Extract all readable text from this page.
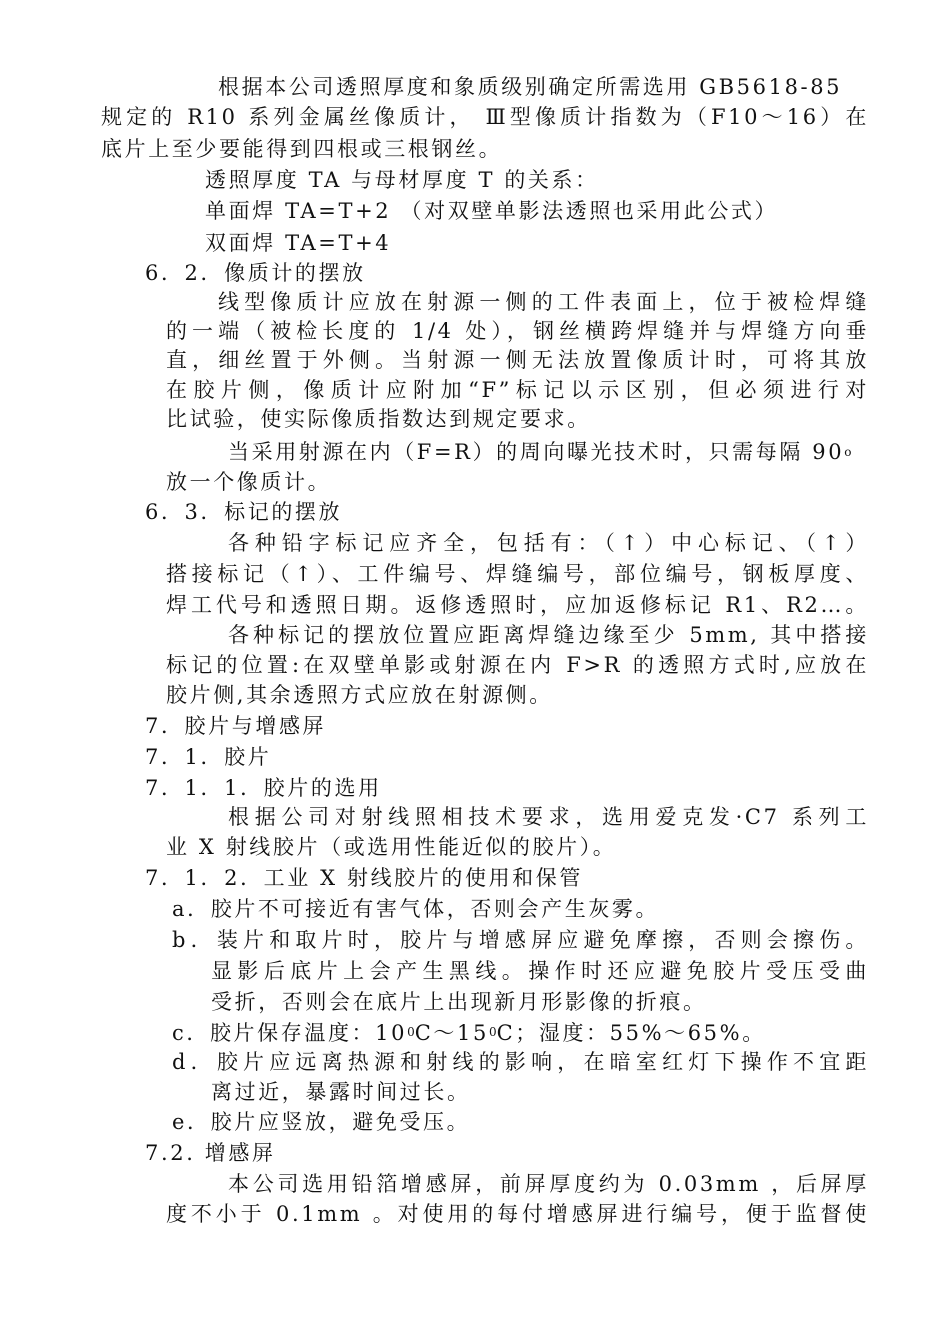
根据本公司透照厚度和象质级别确定所需选用 GB5618-85
规定的 R10 系列金属丝像质计， Ⅲ型像质计指数为（F10～16）在
底片上至少要能得到四根或三根钢丝。
透照厚度 TA 与母材厚度 T 的关系：
单面焊 TA=T+2 （对双壁单影法透照也采用此公式）
双面焊 TA=T+4
6．2．像质计的摆放
线型像质计应放在射源一侧的工件表面上，位于被检焊缝
的一端（被检长度的 1/4 处），钢丝横跨焊缝并与焊缝方向垂
直，细丝置于外侧。当射源一侧无法放置像质计时，可将其放
在胶片侧，像质计应附加“F”标记以示区别，但必须进行对
比试验，使实际像质指数达到规定要求。
当采用射源在内（F=R）的周向曝光技术时，只需每隔 90o
放一个像质计。
6．3．标记的摆放
各种铅字标记应齐全，包括有：（↑）中心标记、（↑）
搭接标记（↑）、工件编号、焊缝编号，部位编号，钢板厚度、
焊工代号和透照日期。返修透照时，应加返修标记 R1、R2…。
各种标记的摆放位置应距离焊缝边缘至少 5mm, 其中搭接
标记的位置:在双壁单影或射源在内 F>R 的透照方式时,应放在
胶片侧,其余透照方式应放在射源侧。
7．胶片与增感屏
7．1．胶片
7．1．1．胶片的选用
根据公司对射线照相技术要求，选用爱克发·C7 系列工
业 X 射线胶片（或选用性能近似的胶片）。
7．1．2．工业 X 射线胶片的使用和保管
a．胶片不可接近有害气体，否则会产生灰雾。
b．装片和取片时，胶片与增感屏应避免摩擦，否则会擦伤。
显影后底片上会产生黑线。操作时还应避免胶片受压受曲
受折，否则会在底片上出现新月形影像的折痕。
c．胶片保存温度：100C～150C；湿度：55%～65%。
d．胶片应远离热源和射线的影响，在暗室红灯下操作不宜距
离过近，暴露时间过长。
e．胶片应竖放，避免受压。
7.2. 增感屏
本公司选用铅箔增感屏，前屏厚度约为 0.03mm ，后屏厚
度不小于 0.1mm 。对使用的每付增感屏进行编号，便于监督使
